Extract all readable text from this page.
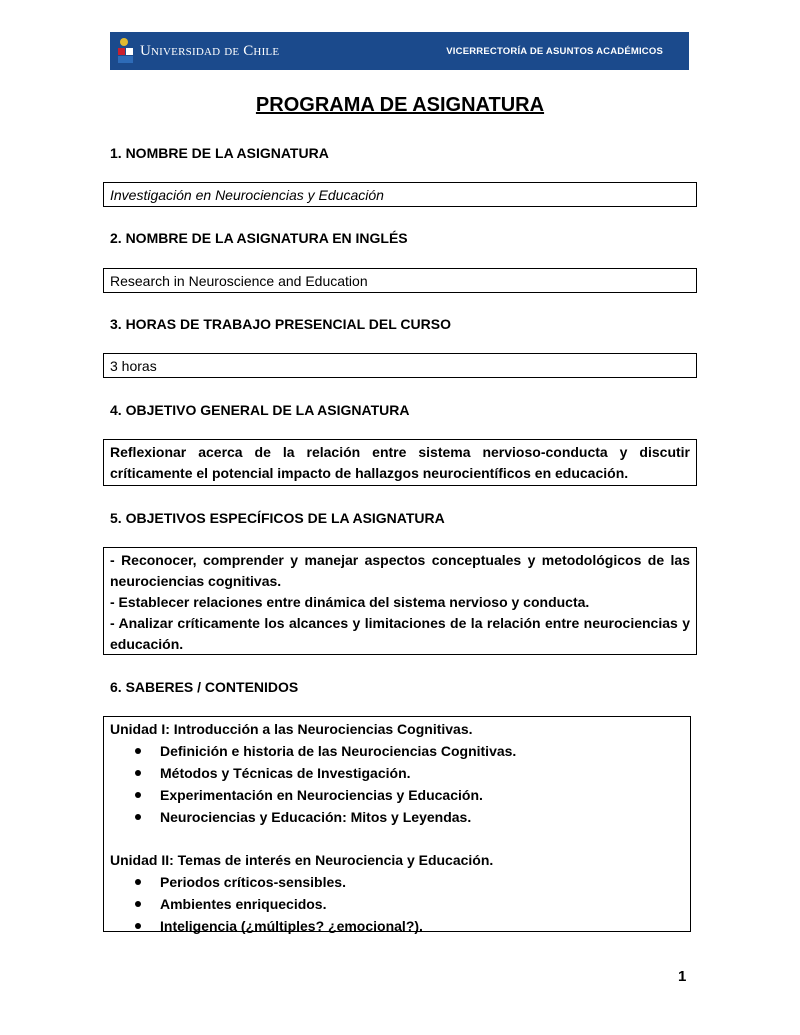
Universidad de Chile	VICERRECTORÍA DE ASUNTOS ACADÉMICOS
PROGRAMA DE ASIGNATURA
1. NOMBRE DE LA ASIGNATURA
Investigación en Neurociencias y Educación
2. NOMBRE DE LA ASIGNATURA EN INGLÉS
Research in Neuroscience and Education
3. HORAS DE TRABAJO PRESENCIAL DEL CURSO
3 horas
4. OBJETIVO GENERAL DE LA ASIGNATURA
Reflexionar acerca de la relación entre sistema nervioso-conducta y discutir críticamente el potencial impacto de hallazgos neurocientíficos en educación.
5. OBJETIVOS ESPECÍFICOS DE LA ASIGNATURA

- Reconocer, comprender y manejar aspectos conceptuales y metodológicos de las neurociencias cognitivas.

- Establecer relaciones entre dinámica del sistema nervioso y conducta.

- Analizar críticamente los alcances y limitaciones de la relación entre neurociencias y educación.

6. SABERES / CONTENIDOS

Unidad I: Introducción a las Neurociencias Cognitivas.

Definición e historia de las Neurociencias Cognitivas.
Métodos y Técnicas de Investigación.
Experimentación en Neurociencias y Educación.
Neurociencias y Educación: Mitos y Leyendas.

Unidad II: Temas de interés en Neurociencia y Educación.

Periodos críticos-sensibles.
Ambientes enriquecidos.
Inteligencia (¿múltiples? ¿emocional?).
1
